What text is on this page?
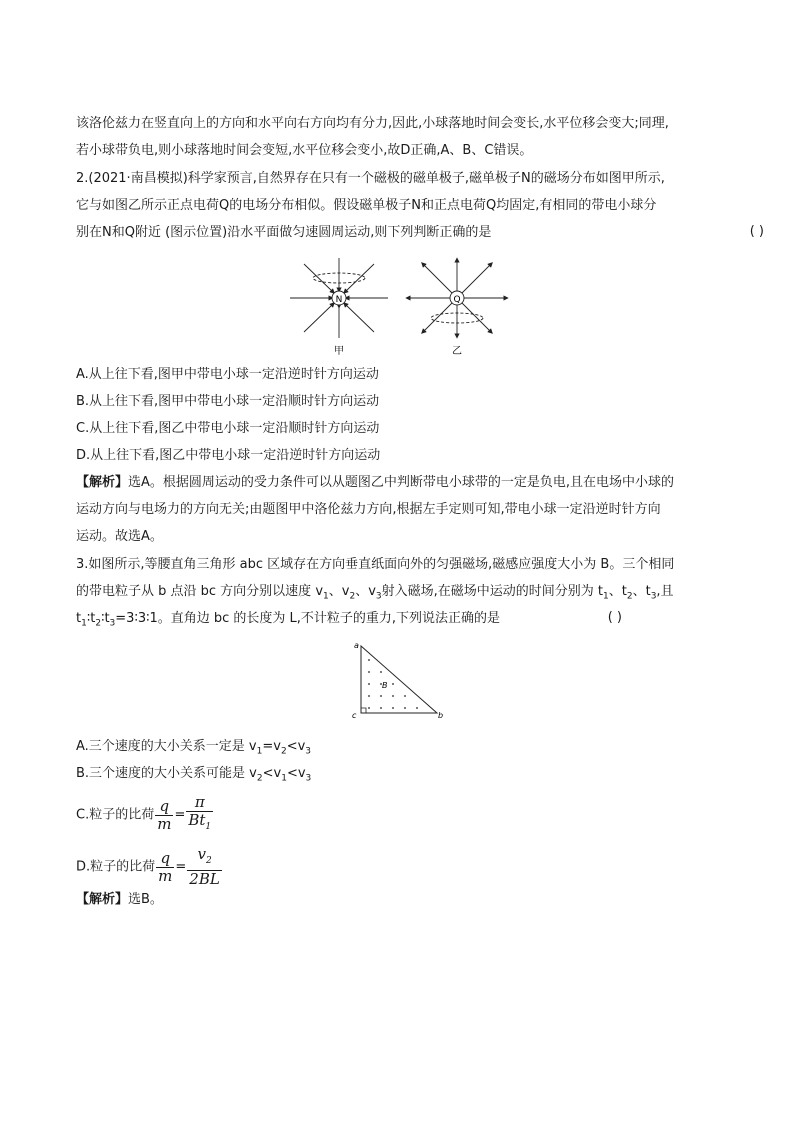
该洛伦兹力在竖直向上的方向和水平向右方向均有分力,因此,小球落地时间会变长,水平位移会变大;同理,
若小球带负电,则小球落地时间会变短,水平位移会变小,故D正确,A、B、C错误。
2.(2021·南昌模拟)科学家预言,自然界存在只有一个磁极的磁单极子,磁单极子N的磁场分布如图甲所示,
它与如图乙所示正点电荷Q的电场分布相似。假设磁单极子N和正点电荷Q均固定,有相同的带电小球分
别在N和Q附近 (图示位置)沿水平面做匀速圆周运动,则下列判断正确的是	( )
N
甲
Q
乙
A.从上往下看,图甲中带电小球一定沿逆时针方向运动
B.从上往下看,图甲中带电小球一定沿顺时针方向运动
C.从上往下看,图乙中带电小球一定沿顺时针方向运动
D.从上往下看,图乙中带电小球一定沿逆时针方向运动
【解析】选A。根据圆周运动的受力条件可以从题图乙中判断带电小球带的一定是负电,且在电场中小球的
运动方向与电场力的方向无关;由题图甲中洛伦兹力方向,根据左手定则可知,带电小球一定沿逆时针方向
运动。故选A。
3.如图所示,等腰直角三角形 abc 区域存在方向垂直纸面向外的匀强磁场,磁感应强度大小为 B。三个相同
的带电粒子从 b 点沿 bc 方向分别以速度 $v_1$、$v_2$、$v_3$射入磁场,在磁场中运动的时间分别为 $t_1$、$t_2$、$t_3$,且
$t_1∶t_2∶t_3=3∶3∶1$。直角边 bc 的长度为 L,不计粒子的重力,下列说法正确的是	( )
a
c	b
B
A.三个速度的大小关系一定是 $v_1=v_2<v_3$
B.三个速度的大小关系可能是 $v_2<v_1<v_3$
C.粒子的比荷 $\frac{q}{m} = \frac{\pi}{Bt_1}$
D.粒子的比荷 $\frac{q}{m} = \frac{v_2}{2BL}$
【解析】选B。
